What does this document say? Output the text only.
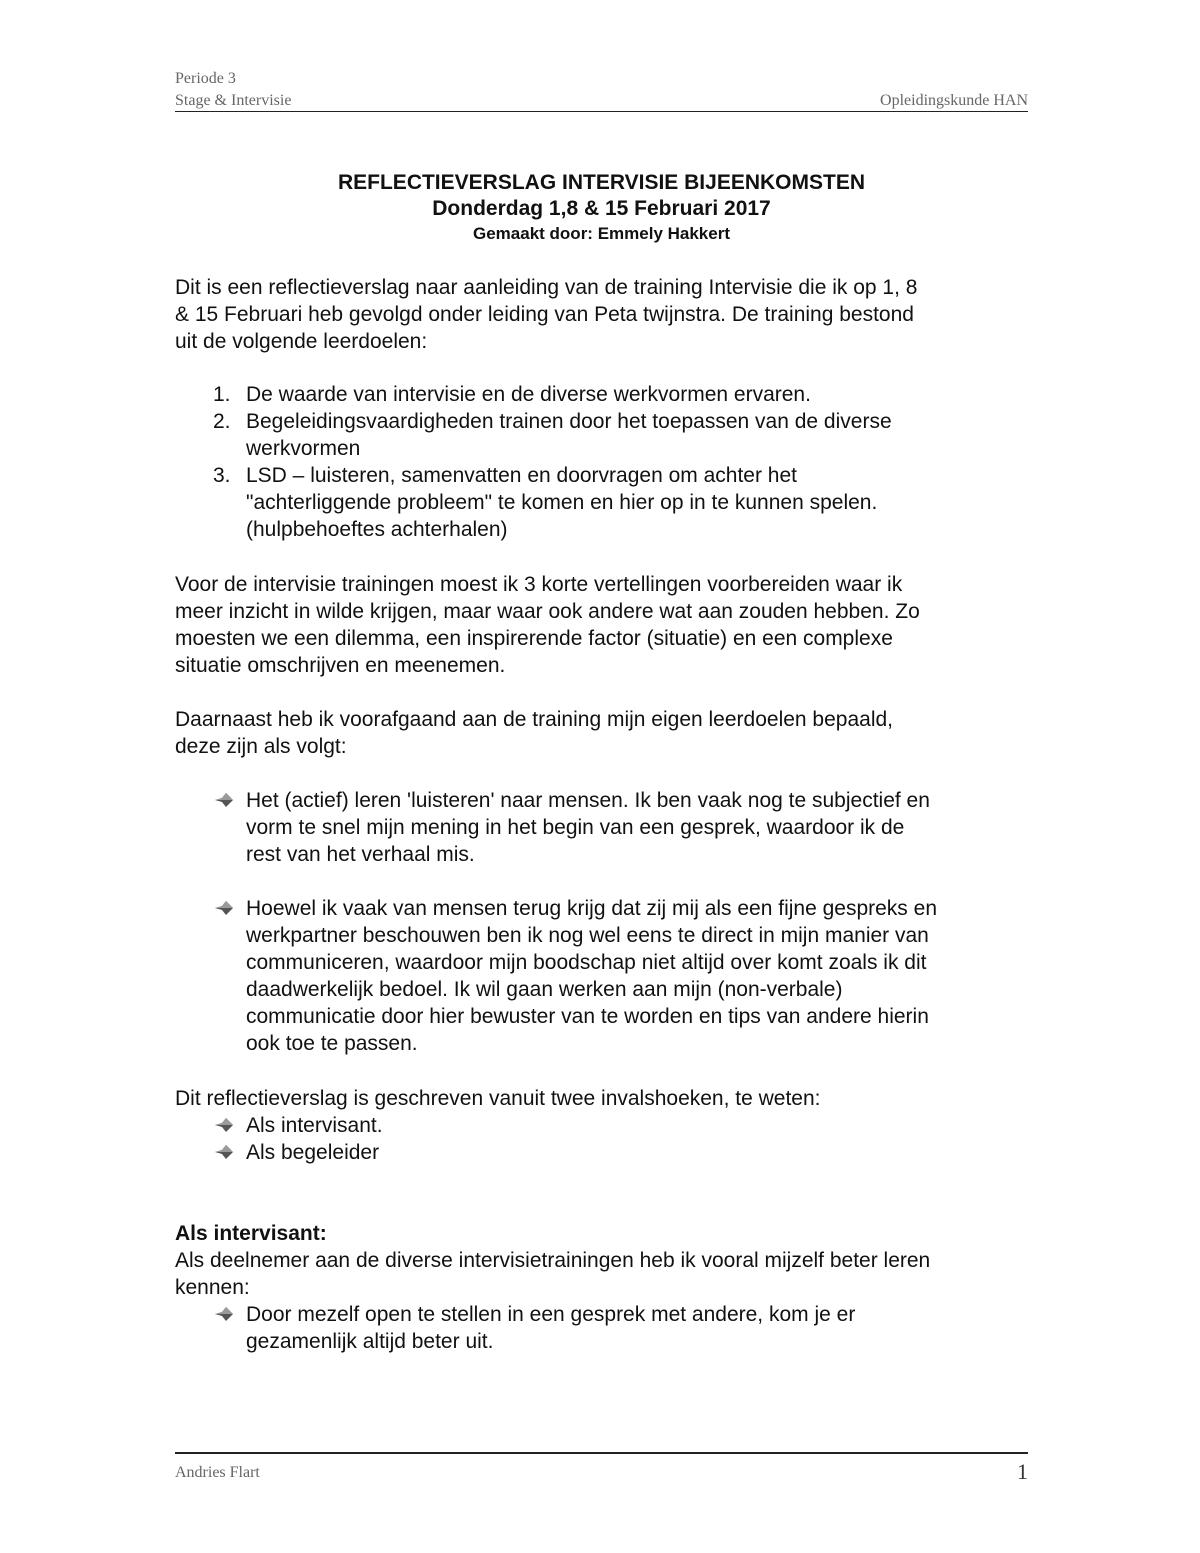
Periode 3
Stage & Intervisie	Opleidingskunde HAN
REFLECTIEVERSLAG INTERVISIE BIJEENKOMSTEN
Donderdag 1,8 & 15 Februari 2017
Gemaakt door: Emmely Hakkert
Dit is een reflectieverslag naar aanleiding van de training Intervisie die ik op 1, 8
& 15 Februari heb gevolgd onder leiding van Peta twijnstra. De training bestond
uit de volgende leerdoelen:
1. De waarde van intervisie en de diverse werkvormen ervaren.
2. Begeleidingsvaardigheden trainen door het toepassen van de diverse
werkvormen
3. LSD – luisteren, samenvatten en doorvragen om achter het
"achterliggende probleem" te komen en hier op in te kunnen spelen.
(hulpbehoeftes achterhalen)
Voor de intervisie trainingen moest ik 3 korte vertellingen voorbereiden waar ik
meer inzicht in wilde krijgen, maar waar ook andere wat aan zouden hebben. Zo
moesten we een dilemma, een inspirerende factor (situatie) en een complexe
situatie omschrijven en meenemen.
Daarnaast heb ik voorafgaand aan de training mijn eigen leerdoelen bepaald,
deze zijn als volgt:
Het (actief) leren 'luisteren' naar mensen. Ik ben vaak nog te subjectief en
vorm te snel mijn mening in het begin van een gesprek, waardoor ik de
rest van het verhaal mis.
Hoewel ik vaak van mensen terug krijg dat zij mij als een fijne gespreks en
werkpartner beschouwen ben ik nog wel eens te direct in mijn manier van
communiceren, waardoor mijn boodschap niet altijd over komt zoals ik dit
daadwerkelijk bedoel. Ik wil gaan werken aan mijn (non-verbale)
communicatie door hier bewuster van te worden en tips van andere hierin
ook toe te passen.
Dit reflectieverslag is geschreven vanuit twee invalshoeken, te weten:
Als intervisant.
Als begeleider
Als intervisant:
Als deelnemer aan de diverse intervisietrainingen heb ik vooral mijzelf beter leren
kennen:
Door mezelf open te stellen in een gesprek met andere, kom je er
gezamenlijk altijd beter uit.
Andries Flart	1
